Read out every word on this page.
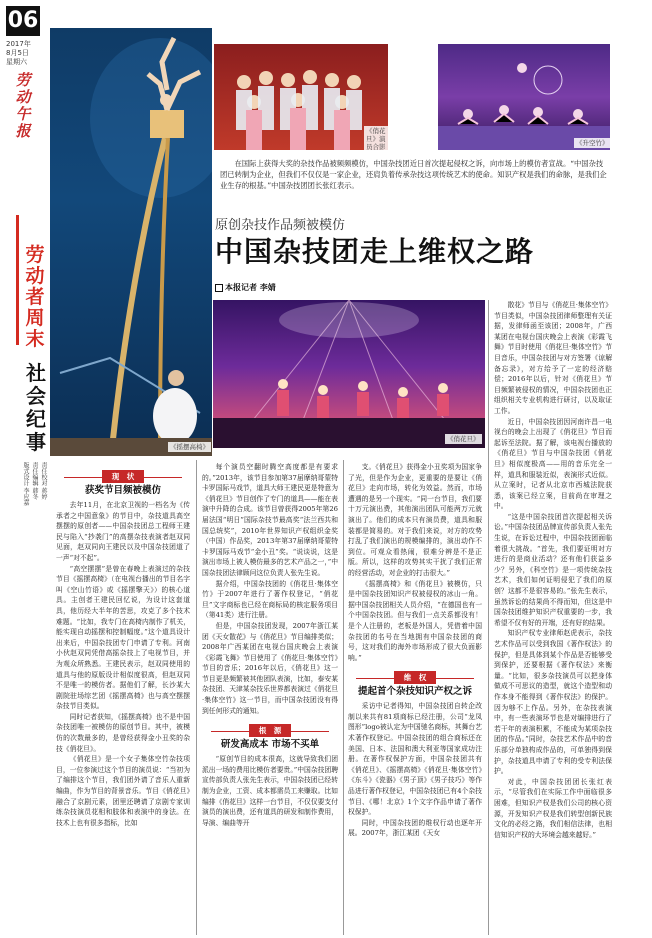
06
2017年
8月5日
星期六
劳
动
午
报
劳
动
者
周
末
社
会
纪
事
版式设计 李应嘉 责任编辑 韩冬 责任校对 蒋婷
《摇摆高椅》
《俏花旦》演员合影	《升空竹》
在国际上获得大奖的杂技作品被频频模仿，中国杂技团近日首次提起侵权之诉，向市场上的模仿者宣战。“中国杂技团已转制为企业，但我们不仅仅是一家企业，还肩负着传承杂技这项传统艺术的使命。知识产权是我们的命脉，是我们企业生存的根基。”中国杂技团团长张红表示。
原创杂技作品频被模仿
中国杂技团走上维权之路
本报记者 李婧
《俏花旦》
现　状
获奖节目频被模仿

去年11月，在北京卫视的一档名为《传承者之中国意象》的节目中，杂技道具高空摆摆的原创者——中国杂技团总工程师王建民与陷入“抄袭门”的高摆杂技表演者赵双同见面，赵双同向王建民以及中国杂技团道了一声“对不起”。

“高空摆摆”是曾在春晚上表演过的杂技节目《摇摆高椅》（在电视台播出的节目名字叫《空山竹语》或《摇摆擎天》）的核心道具。主创者王建民回忆说，为设计这套道具，他历经大半年的苦思，攻克了多个技术难题。“比如，我专门在高椅内制作了机关，能实现自动摇摆和控制幅度。”这个道具设计出来后，中国杂技团专门申请了专利。河南小伙赵双同凭借高摇杂技上了电视节目，并为观众所熟悉。王建民表示，赵双同使用的道具与他的原版设计相似度很高，但赵双同不是唯一的模仿者。据他们了解，长沙某大剧院驻场综艺团《摇摆高椅》也与高空摆摆杂技节目类似。

同时记者获知，《摇摆高椅》也不是中国杂技团唯一被模仿的原创节目。其中，被模仿的次数最多的，是曾经获得金小丑奖的杂技《俏花旦》。

《俏花旦》是一个女子集体空竹杂技项目，一位参演过这个节目的演员说：“当初为了编排这个节目，我们团外请了音乐人重新编曲，作为节目的背景音乐。节目《俏花旦》融合了京剧元素，团里还聘请了京剧专家训练杂技演员花相和肢体和表演中的身法。在技术上也有很多指标，比如

每个演员空翻时腾空高度都是有要求的。”2013年，该节目参加第37届摩纳哥蒙特卡罗国际马戏节，道具大师王建民更是特意为《俏花旦》节目创作了专门的道具——能在表演中升降的合成。该节目曾获得2005年第26届法国“明日”国际杂技节最高奖“法兰西共和国总统奖”，2010年世界知识产权组织金奖（中国）作品奖，2013年第37届摩纳哥蒙特卡罗国际马戏节“金小丑”奖。“说谈说，这是演出市场上被人模仿最多的艺术产品之一，”中国杂技团法律顾问这位负责人张先生说。

据介绍，中国杂技团的《俏花旦·集体空竹》于2007年进行了著作权登记，“俏花旦”文字商标也已经在商标局的核定服务项目（第41类）进行注册。

但是，中国杂技团发现，2007年浙江某团《天女散花》与《俏花旦》节目编排类似；2008年广西某团在电视台国庆晚会上表演《彩霞飞舞》节目使用了《俏花旦·集体空竹》节目的音乐；2016年以后，《俏花旦》这一节目更是频繁被其他团队表演，比如，泰安某杂技团、天津某杂技乐世界都表演过《俏花旦·集体空竹》这一节目，而中国杂技团没有得到任何形式的通知。

根　源
研发高成本 市场不买单

“原创节目的成本很高，这就导致我们团派出一场的费用比模仿者要贵。”中国杂技团聘宣传部负责人张先生表示，中国杂技团已经转制为企业，工资、成本都需员工来赚取。比如编排《俏花旦》这样一台节目，不仅仅要支付演员的演出费，还有道具的研发和制作费用，导演、编曲等开

支。《俏花旦》获得金小丑奖项为国家争了光，但是作为企业，更重要的是要让《俏花旦》走向市场，转化为效益。然而，市场遭遇的是另一个现实。“同一台节目，我们要十万元演出费，其他演出团队可能两万元就演出了。他们的成本只有演员费，道具和服装都是简易的。对于我们来说，对方的攻势打乱了我们演出的规模编排的，演出动作不到位。可观众看热闹，很难分辨是不是正版。所以，这样的攻势其实干扰了我们正常的经营活动，对企业的打击很大。”

《摇摆高椅》和《俏花旦》被模仿，只是中国杂技团知识产权被侵权的冰山一角。据中国杂技团相关人员介绍，“在德国也有一个中国杂技团。但与我们一点关系都没有！是个人注册的，老板是外国人，凭借着中国杂技团的名号在当地拥有中国杂技团的商号，这对我们的海外市场形成了很大负面影响。”

维　权
提起首个杂技知识产权之诉

采访中记者得知，中国杂技团自转企改制以来共有81项商标已经注册，公司“龙凤图形”logo被认定为中国驰名商标，其舞台艺术著作权登记。中国杂技团的组合商标还在美国、日本、法国和澳大利亚等国家成功注册。在著作权保护方面，中国杂技团共有《俏花旦》、《摇摆高椅》《俏花旦·集体空竹》《东斗》《瓷器》《男子顶》《男子技巧》等作品进行著作权登记，中国杂技团已有4个杂技节目、《哪！北京》1个文字作品申请了著作权保护。

同时，中国杂技团的维权行动也逐年开展。2007年，浙江某团《天女

散花》节目与《俏花旦·集体空竹》节目类似，中国杂技团律师整理有关证据，发律师函至该团；2008年，广西某团在电视台国庆晚会上表演《彩霞飞舞》节目时使用《俏花旦·集体空竹》节目音乐，中国杂技团与对方签署《谅解备忘录》，对方给予了一定的经济赔偿；2016年以后，针对《俏花旦》节目频繁被侵权的情况，中国杂技团也正组织相关专业机构进行研讨，以及取证工作。

近日，中国杂技团因河南许昌一电视台的晚会上出现了《俏花旦》节目而起诉至法院。据了解，该电视台播放的《俏花旦》节目与中国杂技团《俏花旦》相似度极高——用的音乐完全一样，道具和服装近似，表演形式近似。从立案时，记者从北京市西城法院获悉，该案已经立案，目前尚在审理之中。

“这是中国杂技团首次提起相关诉讼。”中国杂技团品牌宣传部负责人张先生说，在诉讼过程中，中国杂技团面临着很大挑战。“首先，我们要证明对方进行的是商业活动？还有他们获益多少？另外，《科空竹》是一项传统杂技艺术，我们如何证明侵犯了我们的原创？这都不是很容易的。”张先生表示，虽然诉讼的结果尚不得而知，但这是中国杂技团维护知识产权重要的一步，我希望不仅有好的开端，还有好的结果。

知识产权专业律师赵虎表示，杂技艺术作品可以受到我国《著作权法》的保护，但是具体到某个作品是否能够受到保护，还要根据《著作权法》来衡量。“比如，很多杂技演员可以把身体做成不可思议的造型，就这个造型和动作本身不能得到《著作权法》的保护。因为够不上作品。另外，在杂技表演中，有一些表演环节也是对编排进行了若干年的表演积累，不能成为某项杂技团的作品。”同时，杂技艺术作品中的音乐部分单独构成作品的，可单独得到保护，杂技道具申请了专利的受专利法保护。

对此，中国杂技团团长张红表示，“尽管我们在实际工作中面临很多困难，但知识产权是我们公司的核心资源，开发知识产权是我们转型创新民族文化的必经之路，我们相信法律，也相信知识产权的大环境会越来越好。”
